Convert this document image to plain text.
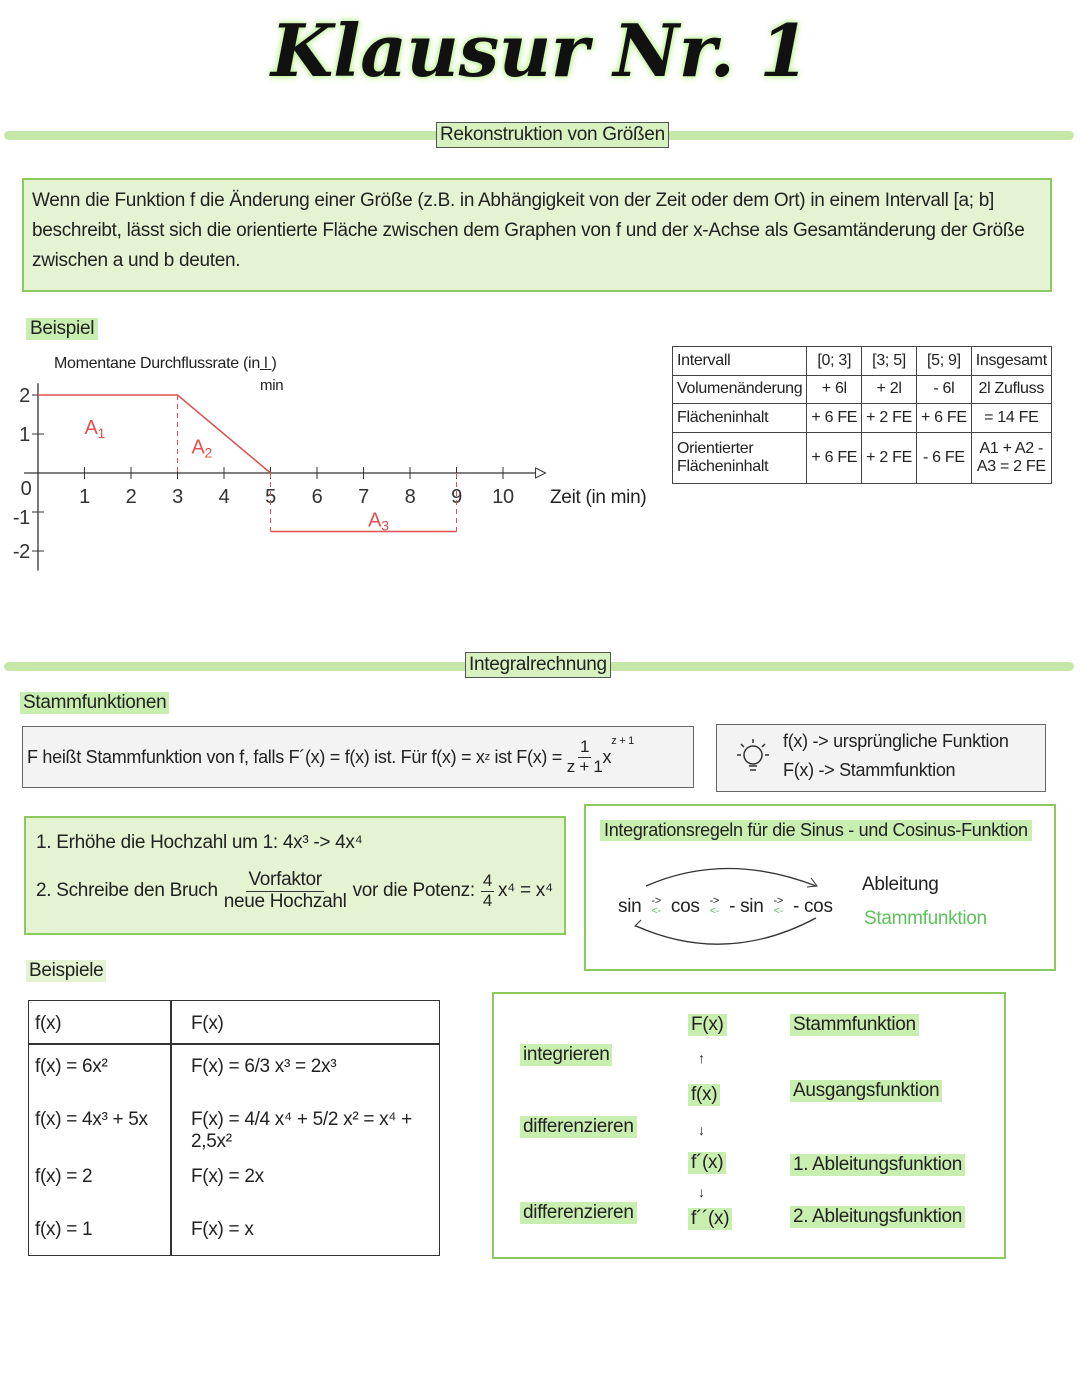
Klausur Nr. 1
Rekonstruktion von Größen
Wenn die Funktion f die Änderung einer Größe (z.B. in Abhängigkeit von der Zeit oder dem Ort) in einem Intervall [a; b] beschreibt, lässt sich die orientierte Fläche zwischen dem Graphen von f und der x-Achse als Gesamtänderung der Größe zwischen a und b deuten.
Beispiel
0 1 2 3 4 5 6 7 8 9 10
2
1
-1
-2
$A_1$
$A_2$
$A_3$
Momentane Durchflussrate (in l )
min
Zeit (in min)
Intervall	[0; 3]	[3; 5]	[5; 9]	Insgesamt
Volumenänderung	+ 6l	+ 2l	- 6l	2l Zufluss
Flächeninhalt	+ 6 FE	+ 2 FE	+ 6 FE	= 14 FE
Orientierter Flächeninhalt	+ 6 FE	+ 2 FE	- 6 FE	A1 + A2 - A3 = 2 FE
Integralrechnung
Stammfunktionen
F heißt Stammfunktion von f, falls F´(x) = f(x) ist. Für f(x) = x z ist $F(x) = \frac{1}{z + 1}$ x
$^{z + 1}$	f(x) -> ursprüngliche Funktion
F(x) -> Stammfunktion
1. Erhöhe die Hochzahl um 1: 4x³ -> 4x⁴
2. Schreibe den Bruch $\frac{\text{Vorfaktor}}{\text{neue Hochzahl}}$ vor die Potenz: $\frac{4}{4} x^4 = x^4$
Integrationsregeln für die Sinus - und Cosinus-Funktion
sin ->
<- cos ->
<- - sin ->
<- - cos
Ableitung
Stammfunktion
Beispiele
f(x)	F(x)
f(x) = 6x²	F(x) = 6/3 x³ = 2x³
f(x) = 4x³ + 5x F(x) = 4/4 x⁴ + 5/2 x² = x⁴ + 2,5x²
f(x) = 2	F(x) = 2x
f(x) = 1	F(x) = x
integrieren
differenzieren
differenzieren
F(x)
f(x)
f´(x)
f´´(x)
Stammfunktion
Ausgangsfunktion
1. Ableitungsfunktion
2. Ableitungsfunktion
↑
↓
↓
